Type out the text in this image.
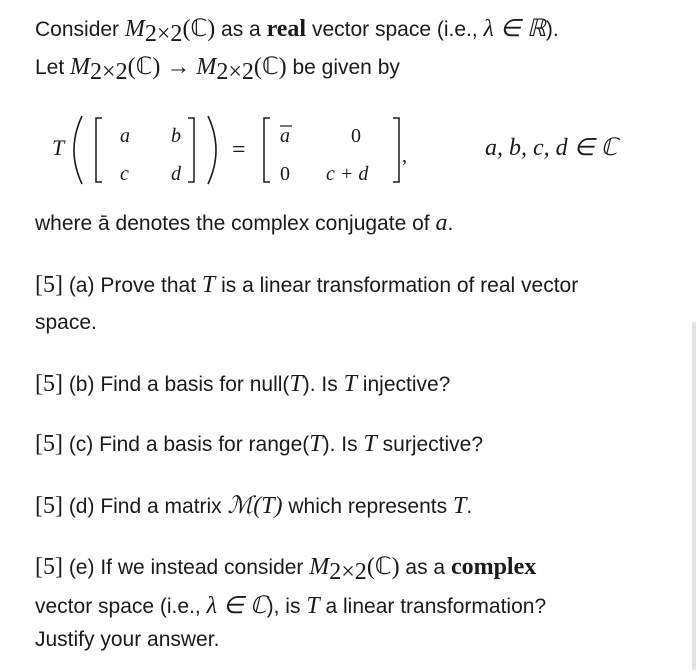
Consider $M_{2\times 2}(ℂ)$ as a real vector space (i.e., λ ∈ ℝ).
Let $M_{2\times 2}(ℂ)$ → $M_{2\times 2}(ℂ)$ be given by
T	a b
c d
=
a	0
0 c + d
,	a, b, c, d ∈ ℂ
where ā denotes the complex conjugate of a.
[5] (a) Prove that T is a linear transformation of real vector
space.
[5] (b) Find a basis for null(T). Is T injective?
[5] (c) Find a basis for range(T). Is T surjective?
[5] (d) Find a matrix ℳ(T) which represents T.
[5] (e) If we instead consider $M_{2\times 2}(ℂ)$ as a complex
vector space (i.e., λ ∈ ℂ), is T a linear transformation?
Justify your answer.
